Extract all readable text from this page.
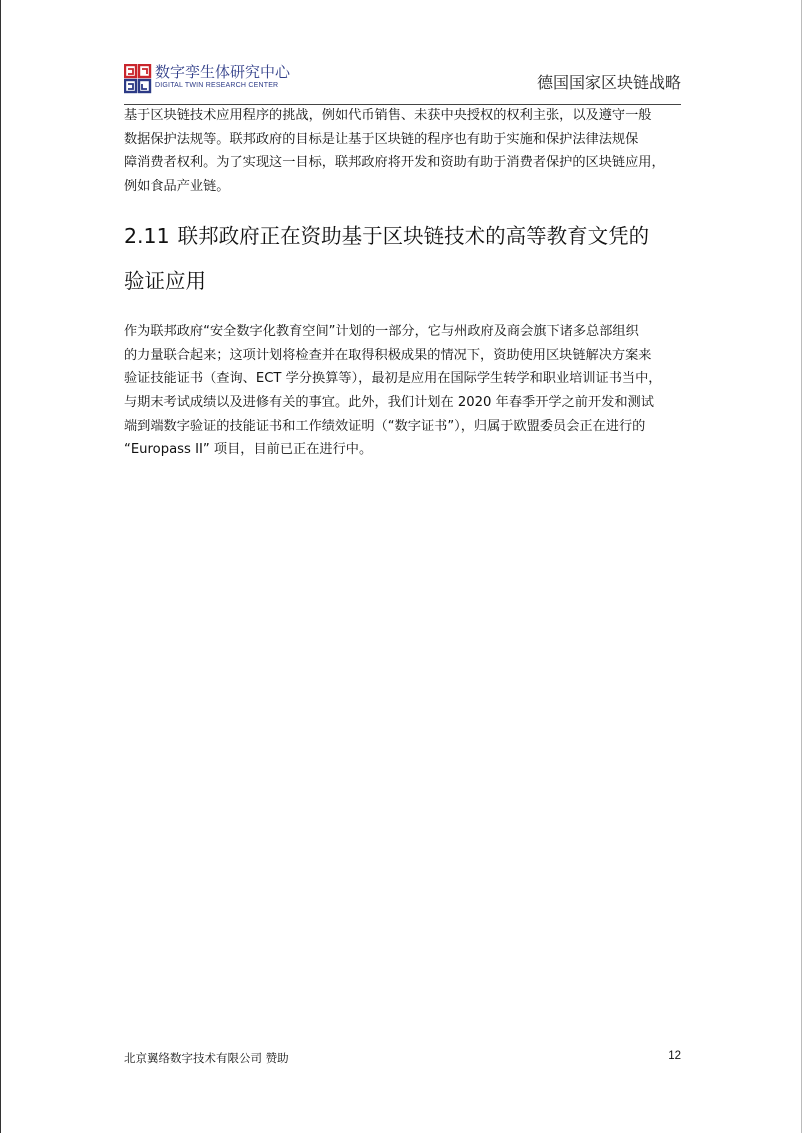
数字孪生体研究中心
DIGITAL TWIN RESEARCH CENTER	德国国家区块链战略

基于区块链技术应用程序的挑战，例如代币销售、未获中央授权的权利主张，以及遵守一般
数据保护法规等。联邦政府的目标是让基于区块链的程序也有助于实施和保护法律法规保
障消费者权利。为了实现这一目标，联邦政府将开发和资助有助于消费者保护的区块链应用，
例如食品产业链。

2.11 联邦政府正在资助基于区块链技术的高等教育文凭的
验证应用

作为联邦政府“安全数字化教育空间”计划的一部分，它与州政府及商会旗下诸多总部组织
的力量联合起来；这项计划将检查并在取得积极成果的情况下，资助使用区块链解决方案来
验证技能证书（查询、ECT 学分换算等），最初是应用在国际学生转学和职业培训证书当中，
与期末考试成绩以及进修有关的事宜。此外，我们计划在 2020 年春季开学之前开发和测试
端到端数字验证的技能证书和工作绩效证明（“数字证书”），归属于欧盟委员会正在进行的
“Europass II” 项目，目前已正在进行中。

北京翼络数字技术有限公司 赞助	12
